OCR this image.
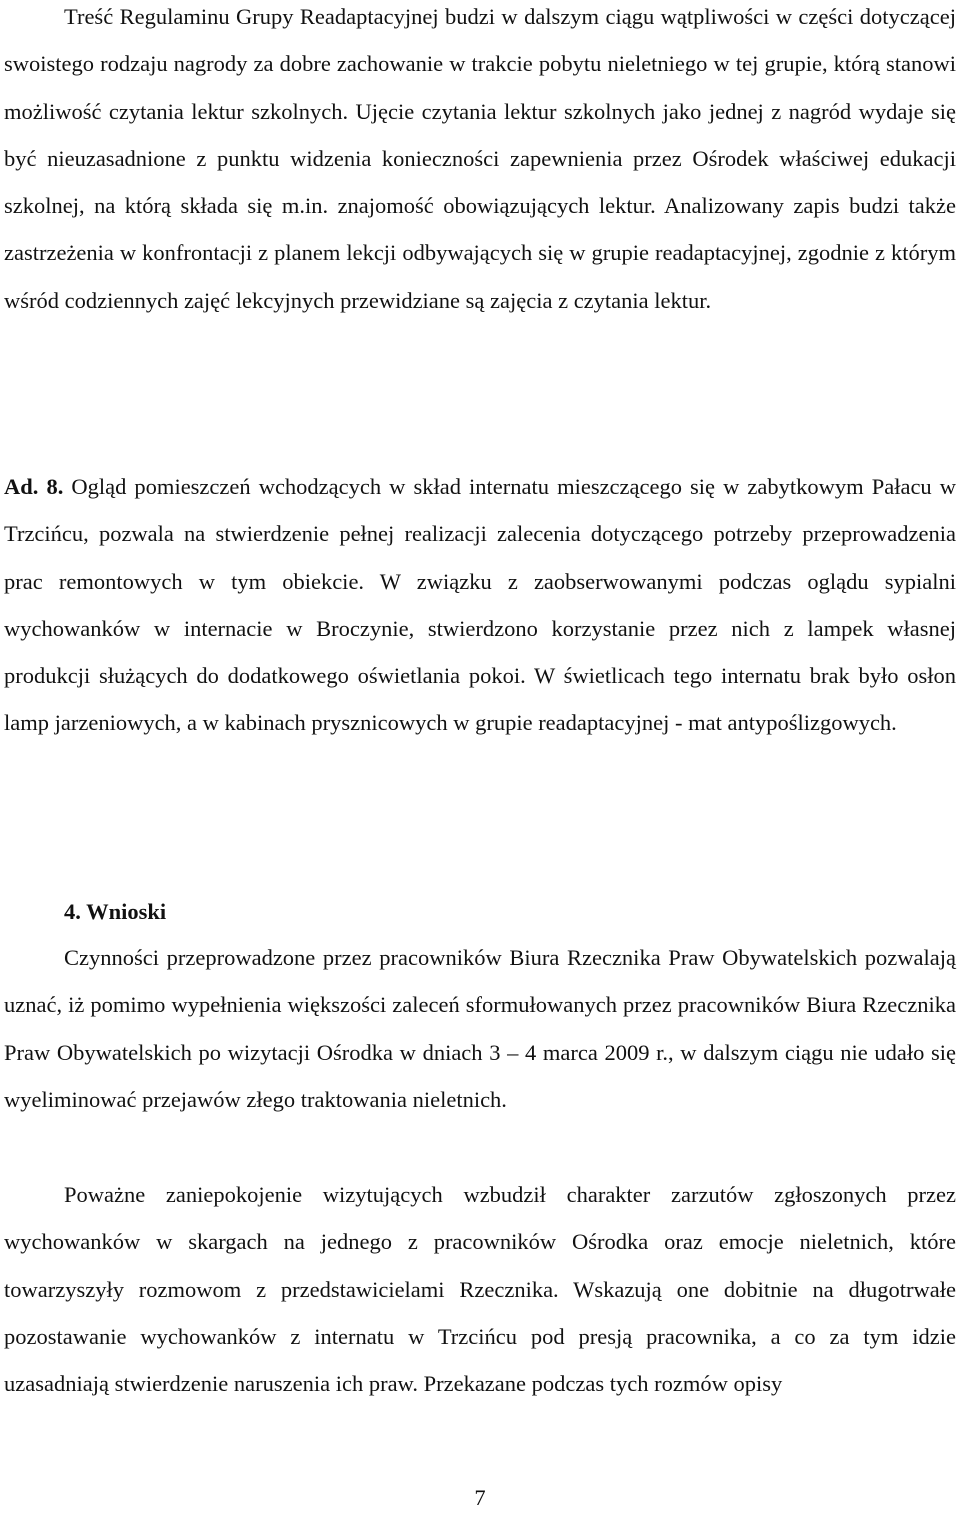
Treść Regulaminu Grupy Readaptacyjnej budzi w dalszym ciągu wątpliwości w części dotyczącej swoistego rodzaju nagrody za dobre zachowanie w trakcie pobytu nieletniego w tej grupie, którą stanowi możliwość czytania lektur szkolnych. Ujęcie czytania lektur szkolnych jako jednej z nagród wydaje się być nieuzasadnione z punktu widzenia konieczności zapewnienia przez Ośrodek właściwej edukacji szkolnej, na którą składa się m.in. znajomość obowiązujących lektur. Analizowany zapis budzi także zastrzeżenia w konfrontacji z planem lekcji odbywających się w grupie readaptacyjnej, zgodnie z którym wśród codziennych zajęć lekcyjnych przewidziane są zajęcia z czytania lektur.

Ad. 8. Ogląd pomieszczeń wchodzących w skład internatu mieszczącego się w zabytkowym Pałacu w Trzcińcu, pozwala na stwierdzenie pełnej realizacji zalecenia dotyczącego potrzeby przeprowadzenia prac remontowych w tym obiekcie. W związku z zaobserwowanymi podczas oglądu sypialni wychowanków w internacie w Broczynie, stwierdzono korzystanie przez nich z lampek własnej produkcji służących do dodatkowego oświetlania pokoi. W świetlicach tego internatu brak było osłon lamp jarzeniowych, a w kabinach prysznicowych w grupie readaptacyjnej - mat antypoślizgowych.

4. Wnioski

Czynności przeprowadzone przez pracowników Biura Rzecznika Praw Obywatelskich pozwalają uznać, iż pomimo wypełnienia większości zaleceń sformułowanych przez pracowników Biura Rzecznika Praw Obywatelskich po wizytacji Ośrodka w dniach 3 – 4 marca 2009 r., w dalszym ciągu nie udało się wyeliminować przejawów złego traktowania nieletnich.

Poważne zaniepokojenie wizytujących wzbudził charakter zarzutów zgłoszonych przez wychowanków w skargach na jednego z pracowników Ośrodka oraz emocje nieletnich, które towarzyszyły rozmowom z przedstawicielami Rzecznika. Wskazują one dobitnie na długotrwałe pozostawanie wychowanków z internatu w Trzcińcu pod presją pracownika, a co za tym idzie uzasadniają stwierdzenie naruszenia ich praw. Przekazane podczas tych rozmów opisy

7
